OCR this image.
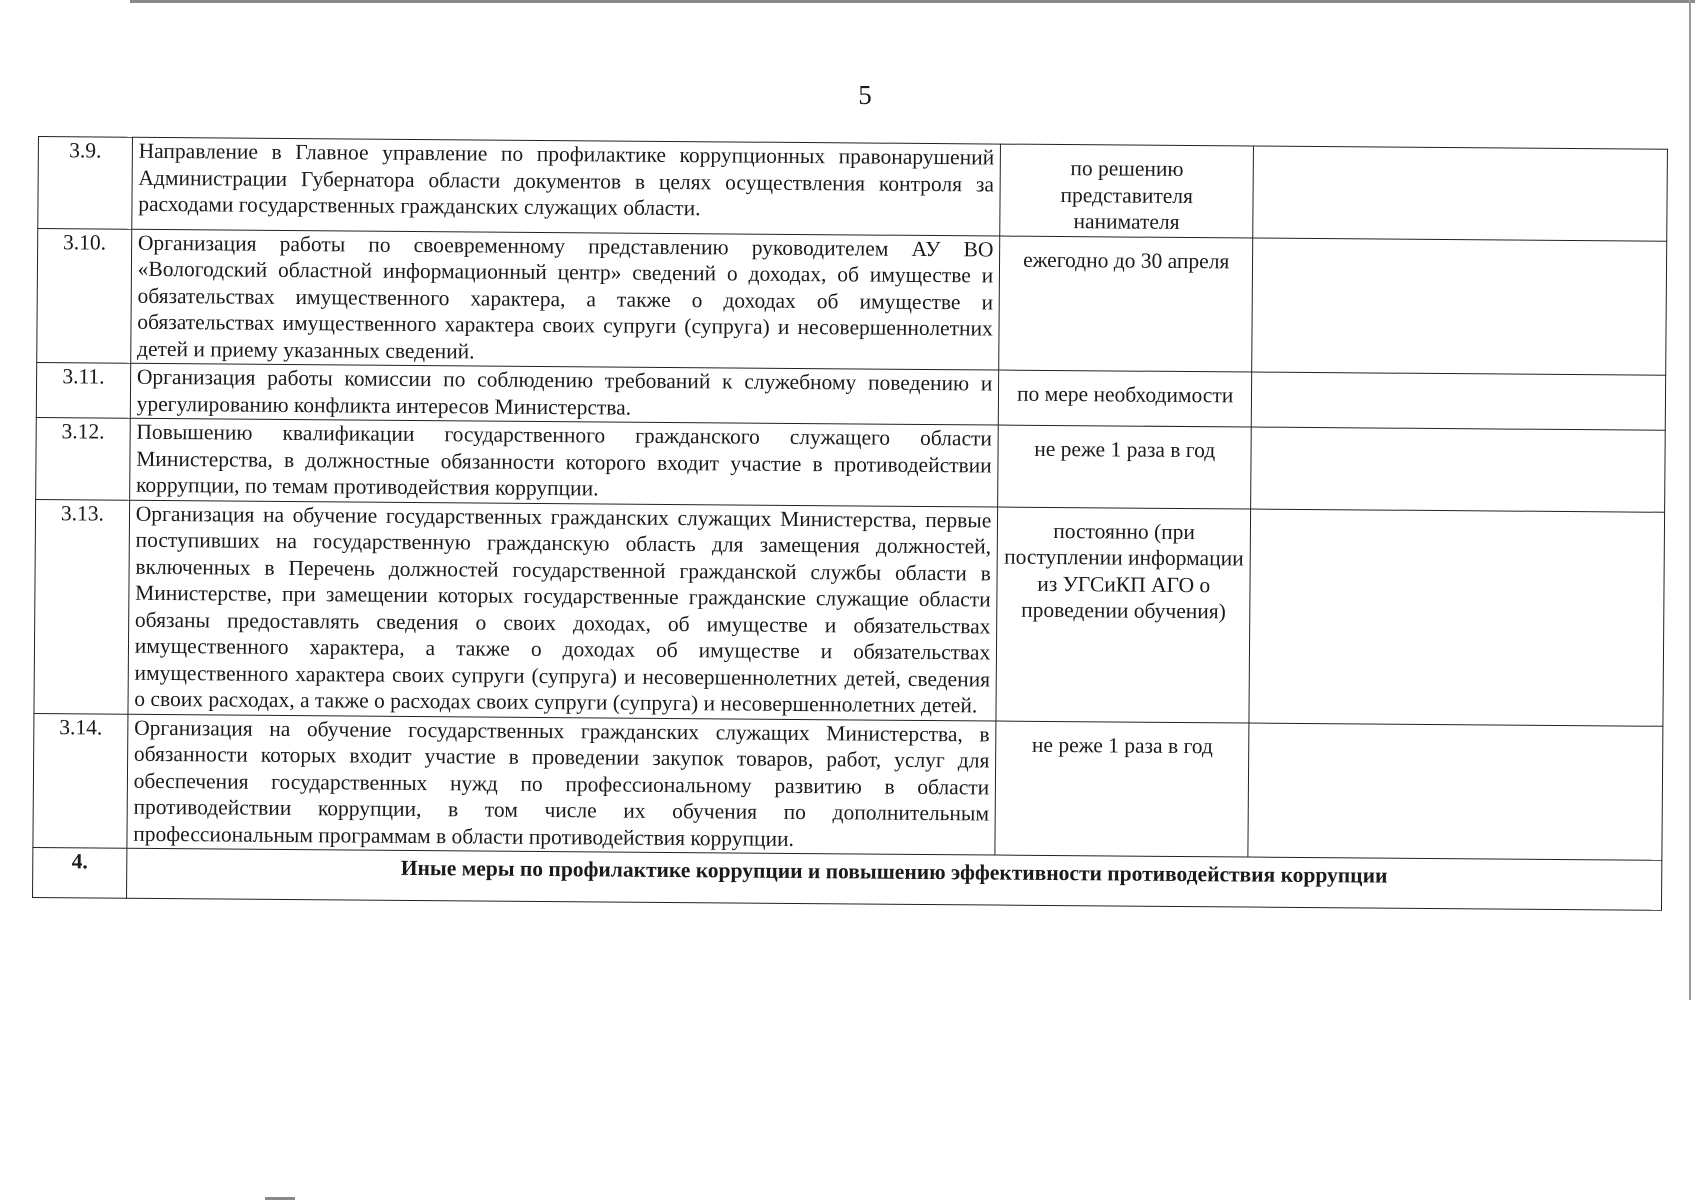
5
3.9.	Направление в Главное управление по профилактике коррупционных правонарушений Администрации Губернатора области документов в целях осуществления контроля за расходами государственных гражданских служащих области.	по решению представителя нанимателя	
3.10.	Организация работы по своевременному представлению руководителем АУ ВО «Вологодский областной информационный центр» сведений о доходах, об имуществе и обязательствах имущественного характера, а также о доходах об имуществе и обязательствах имущественного характера своих супруги (супруга) и несовершеннолетних детей и приему указанных сведений.	ежегодно до 30 апреля	
3.11.	Организация работы комиссии по соблюдению требований к служебному поведению и урегулированию конфликта интересов Министерства.	по мере необходимости	
3.12.	Повышению квалификации государственного гражданского служащего области Министерства, в должностные обязанности которого входит участие в противодействии коррупции, по темам противодействия коррупции.	не реже 1 раза в год	
3.13.	Организация на обучение государственных гражданских служащих Министерства, первые поступивших на государственную гражданскую область для замещения должностей, включенных в Перечень должностей государственной гражданской службы области в Министерстве, при замещении которых государственные гражданские служащие области обязаны предоставлять сведения о своих доходах, об имуществе и обязательствах имущественного характера, а также о доходах об имуществе и обязательствах имущественного характера своих супруги (супруга) и несовершеннолетних детей, сведения о своих расходах, а также о расходах своих супруги (супруга) и несовершеннолетних детей.	постоянно (при поступлении информации из УГСиКП АГО о проведении обучения)	
3.14.	Организация на обучение государственных гражданских служащих Министерства, в обязанности которых входит участие в проведении закупок товаров, работ, услуг для обеспечения государственных нужд по профессиональному развитию в области противодействии коррупции, в том числе их обучения по дополнительным профессиональным программам в области противодействия коррупции.	не реже 1 раза в год	
4.	Иные меры по профилактике коррупции и повышению эффективности противодействия коррупции		
